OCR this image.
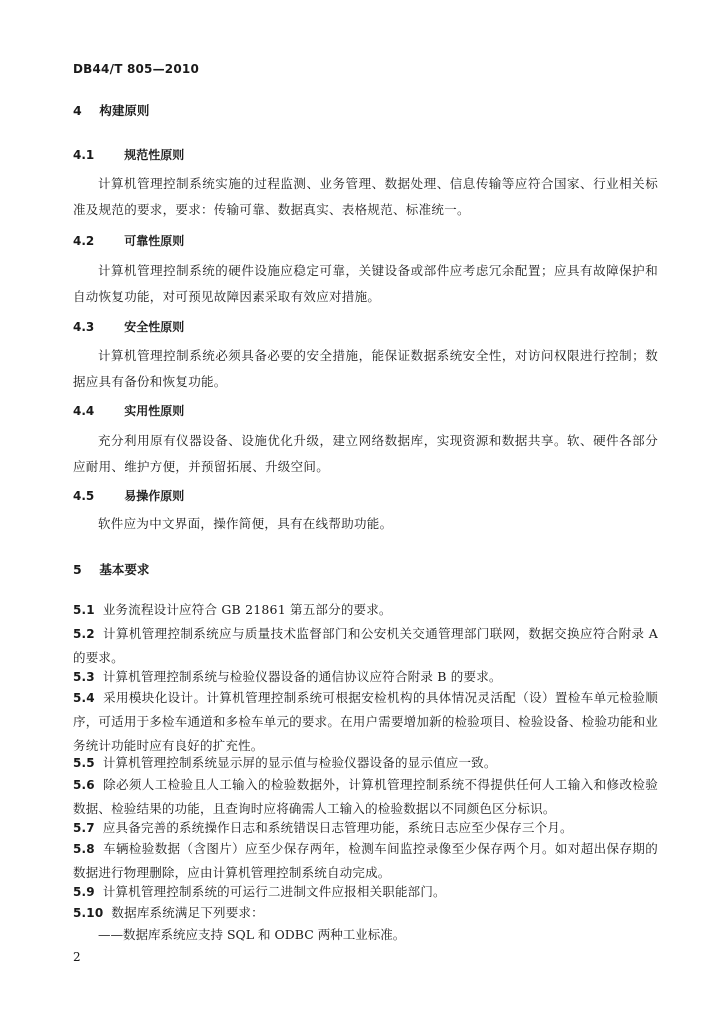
DB44/T 805—2010
4 构建原则
4.1 规范性原则
计算机管理控制系统实施的过程监测、业务管理、数据处理、信息传输等应符合国家、行业相关标准及规范的要求，要求：传输可靠、数据真实、表格规范、标准统一。
4.2 可靠性原则
计算机管理控制系统的硬件设施应稳定可靠，关键设备或部件应考虑冗余配置；应具有故障保护和自动恢复功能，对可预见故障因素采取有效应对措施。
4.3 安全性原则
计算机管理控制系统必须具备必要的安全措施，能保证数据系统安全性，对访问权限进行控制；数据应具有备份和恢复功能。
4.4 实用性原则
充分利用原有仪器设备、设施优化升级，建立网络数据库，实现资源和数据共享。软、硬件各部分应耐用、维护方便，并预留拓展、升级空间。
4.5 易操作原则
软件应为中文界面，操作简便，具有在线帮助功能。
5 基本要求
5.1 业务流程设计应符合 GB 21861 第五部分的要求。
5.2 计算机管理控制系统应与质量技术监督部门和公安机关交通管理部门联网，数据交换应符合附录 A 的要求。
5.3 计算机管理控制系统与检验仪器设备的通信协议应符合附录 B 的要求。
5.4 采用模块化设计。计算机管理控制系统可根据安检机构的具体情况灵活配（设）置检车单元检验顺序，可适用于多检车通道和多检车单元的要求。在用户需要增加新的检验项目、检验设备、检验功能和业务统计功能时应有良好的扩充性。
5.5 计算机管理控制系统显示屏的显示值与检验仪器设备的显示值应一致。
5.6 除必须人工检验且人工输入的检验数据外，计算机管理控制系统不得提供任何人工输入和修改检验数据、检验结果的功能，且查询时应将确需人工输入的检验数据以不同颜色区分标识。
5.7 应具备完善的系统操作日志和系统错误日志管理功能，系统日志应至少保存三个月。
5.8 车辆检验数据（含图片）应至少保存两年，检测车间监控录像至少保存两个月。如对超出保存期的数据进行物理删除，应由计算机管理控制系统自动完成。
5.9 计算机管理控制系统的可运行二进制文件应报相关职能部门。
5.10 数据库系统满足下列要求：
——数据库系统应支持 SQL 和 ODBC 两种工业标准。
2
